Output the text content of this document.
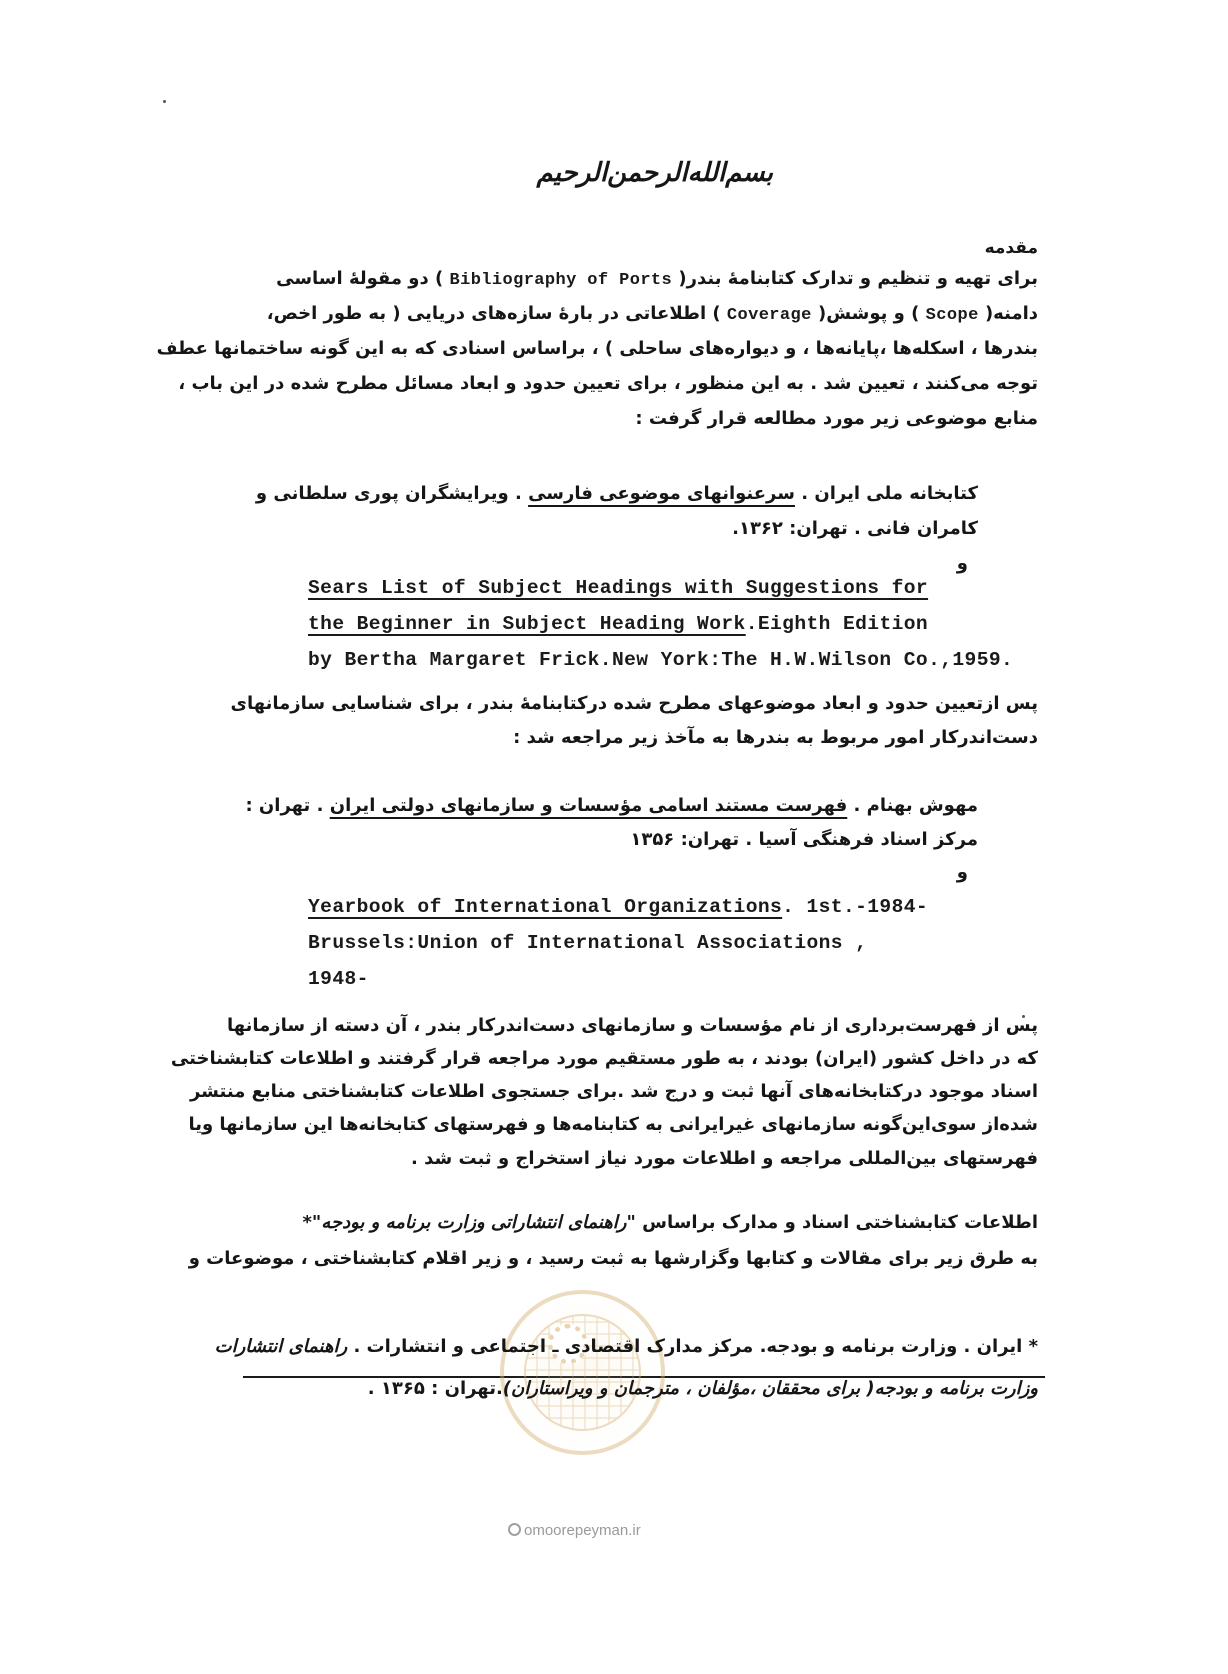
بسم‌الله‌الرحمن‌الرحیم
مقدمه
برای تهیه و تنظیم و تدارک کتابنامه‌ٔ بندر( Bibliography of Ports ) دو مقوله‌ٔ اساسی
دامنه( Scope ) و پوشش( Coverage ) اطلاعاتی در باره‌ٔ سازه‌های دریایی ( به طور اخص،
بندرها ، اسکله‌ها ،پایانه‌ها ، و دیواره‌های ساحلی ) ، براساس اسنادی که به این گونه ساختمانها عطف
توجه می‌کنند ، تعیین شد . به این منظور ، برای تعیین حدود و ابعاد مسائل مطرح شده در این باب ،
منابع موضوعی زیر مورد مطالعه قرار گرفت :
کتابخانه ملی ایران . سرعنوانهای موضوعی فارسی . ویرایشگران پوری سلطانی و
کامران فانی . تهران: ۱۳۶۲.
و
Sears List of Subject Headings with Suggestions for
the Beginner in Subject Heading Work.Eighth Edition
by Bertha Margaret Frick.New York:The H.W.Wilson Co.,1959.
پس ازتعیین حدود و ابعاد موضوعهای مطرح شده درکتابنامه‌ٔ بندر ، برای شناسایی سازمانهای
دست‌اندرکار امور مربوط به بندرها به مآخذ زیر مراجعه شد :
مهوش بهنام . فهرست مستند اسامی مؤسسات و سازمانهای دولتی ایران . تهران :
مرکز اسناد فرهنگی آسیا . تهران: ۱۳۵۶
و
Yearbook of International Organizations. 1st.-1984-
Brussels:Union of International Associations ,
1948-
پس از فهرست‌برداری از نام مؤسسات و سازمانهای دست‌اندرکار بندر ، آن دسته از سازمانها
که در داخل کشور (ایران) بودند ، به طور مستقیم مورد مراجعه قرار گرفتند و اطلاعات کتابشناختی
اسناد موجود درکتابخانه‌های آنها ثبت و درج شد .برای جستجوی اطلاعات کتابشناختی منابع منتشر
شده‌از سوی‌این‌گونه سازمانهای غیرایرانی به کتابنامه‌ها و فهرستهای کتابخانه‌ها این سازمانها ویا
فهرستهای بین‌المللی مراجعه و اطلاعات مورد نیاز استخراج و ثبت شد .
اطلاعات کتابشناختی اسناد و مدارک براساس "راهنمای انتشاراتی وزارت برنامه و بودجه"*
به طرق زیر برای مقالات و کتابها وگزارشها به ثبت رسید ، و زیر اقلام کتابشناختی ، موضوعات و
* ایران . وزارت برنامه و بودجه. مرکز مدارک اقتصادی ـ اجتماعی و انتشارات . راهنمای انتشارات
وزارت برنامه و بودجه( برای محققان ،مؤلفان ، مترجمان و ویراستاران).تهران : ۱۳۶۵ .
omoorepeyman.ir
